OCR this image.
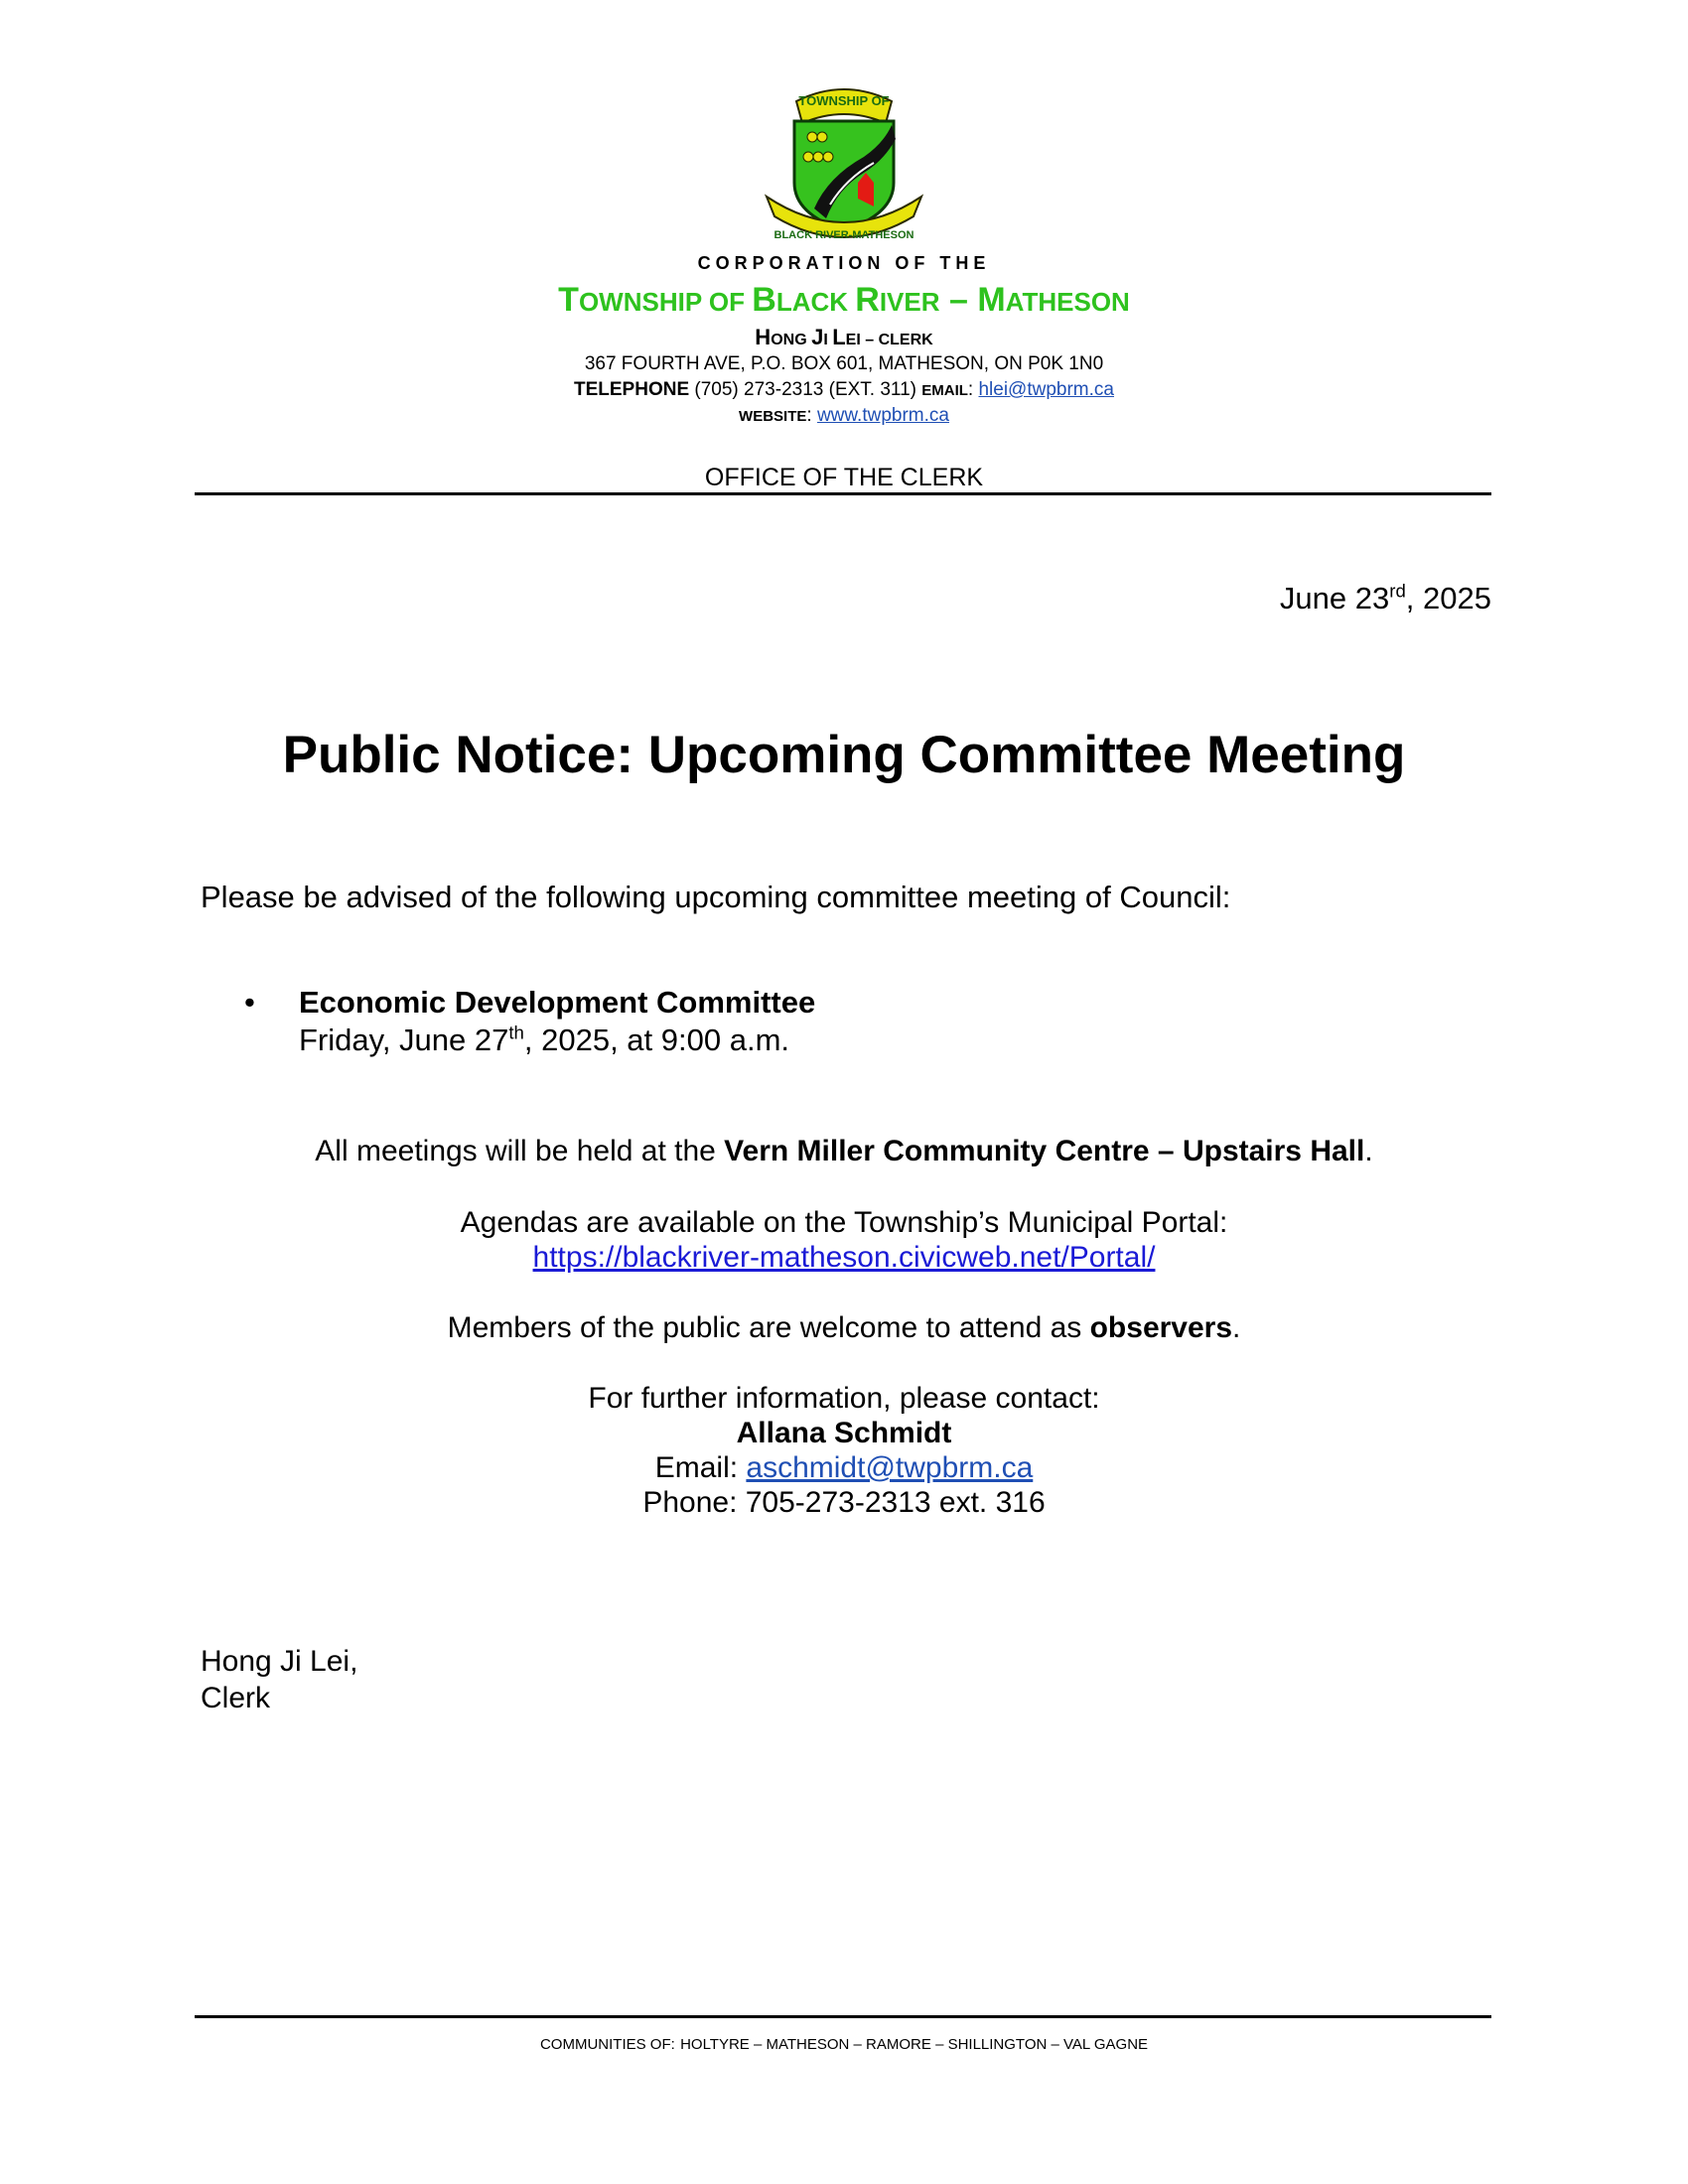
TOWNSHIP OF
BLACK RIVER-MATHESON
CORPORATION OF THE
TOWNSHIP OF BLACK RIVER – MATHESON
HONG JI LEI – CLERK
367 FOURTH AVE, P.O. BOX 601, MATHESON, ON P0K 1N0
TELEPHONE (705) 273-2313 (EXT. 311) EMAIL: hlei@twpbrm.ca
WEBSITE: www.twpbrm.ca
OFFICE OF THE CLERK
June 23rd, 2025
Public Notice: Upcoming Committee Meeting
Please be advised of the following upcoming committee meeting of Council:
• Economic Development Committee
Friday, June 27th, 2025, at 9:00 a.m.
All meetings will be held at the Vern Miller Community Centre – Upstairs Hall.
Agendas are available on the Township’s Municipal Portal:
https://blackriver-matheson.civicweb.net/Portal/
Members of the public are welcome to attend as observers.
For further information, please contact:
Allana Schmidt
Email: aschmidt@twpbrm.ca
Phone: 705-273-2313 ext. 316
Hong Ji Lei,
Clerk
COMMUNITIES OF: HOLTYRE – MATHESON – RAMORE – SHILLINGTON – VAL GAGNE
